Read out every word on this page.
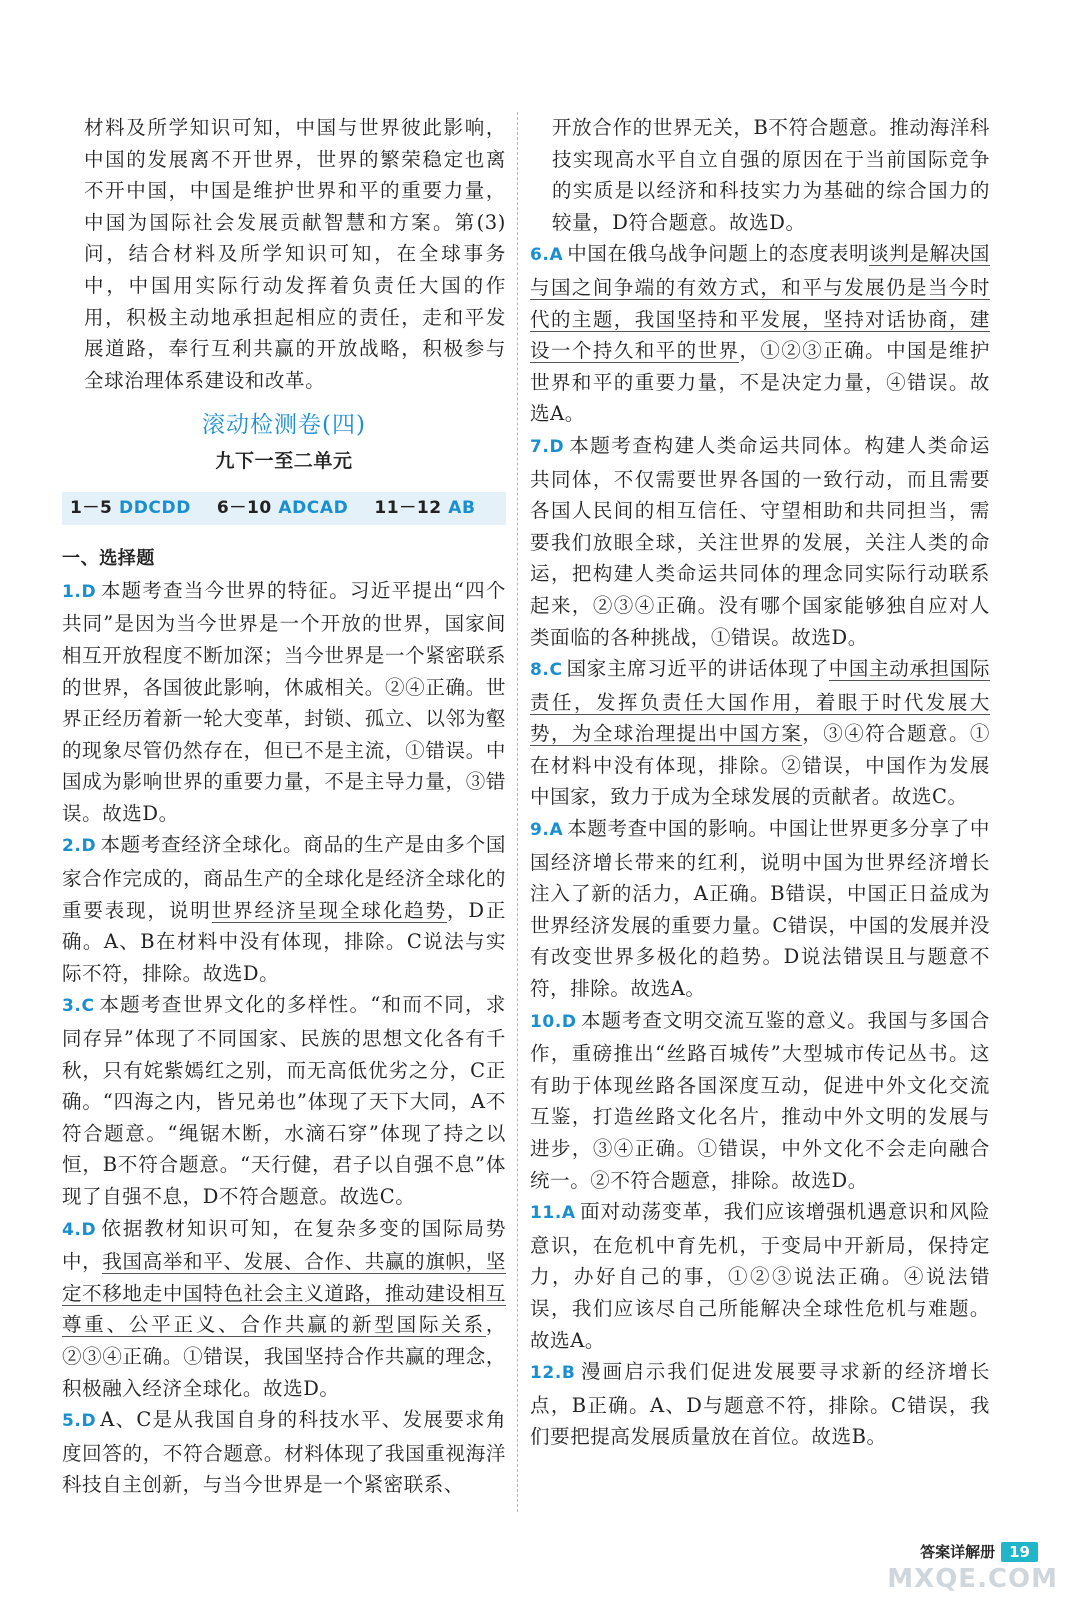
材料及所学知识可知，中国与世界彼此影响，中国的发展离不开世界，世界的繁荣稳定也离不开中国，中国是维护世界和平的重要力量，中国为国际社会发展贡献智慧和方案。第(3)问，结合材料及所学知识可知，在全球事务中，中国用实际行动发挥着负责任大国的作用，积极主动地承担起相应的责任，走和平发展道路，奉行互利共赢的开放战略，积极参与全球治理体系建设和改革。
滚动检测卷(四)
九下一至二单元
1－5 DDCDD 6－10 ADCAD 11－12 AB
一、选择题

1.D 本题考查当今世界的特征。习近平提出“四个共同”是因为当今世界是一个开放的世界，国家间相互开放程度不断加深；当今世界是一个紧密联系的世界，各国彼此影响，休戚相关。②④正确。世界正经历着新一轮大变革，封锁、孤立、以邻为壑的现象尽管仍然存在，但已不是主流，①错误。中国成为影响世界的重要力量，不是主导力量，③错误。故选D。

2.D 本题考查经济全球化。商品的生产是由多个国家合作完成的，商品生产的全球化是经济全球化的重要表现，说明世界经济呈现全球化趋势，D正确。A、B在材料中没有体现，排除。C说法与实际不符，排除。故选D。

3.C 本题考查世界文化的多样性。“和而不同，求同存异”体现了不同国家、民族的思想文化各有千秋，只有姹紫嫣红之别，而无高低优劣之分，C正确。“四海之内，皆兄弟也”体现了天下大同，A不符合题意。“绳锯木断，水滴石穿”体现了持之以恒，B不符合题意。“天行健，君子以自强不息”体现了自强不息，D不符合题意。故选C。

4.D 依据教材知识可知，在复杂多变的国际局势中，我国高举和平、发展、合作、共赢的旗帜，坚定不移地走中国特色社会主义道路，推动建设相互尊重、公平正义、合作共赢的新型国际关系，②③④正确。①错误，我国坚持合作共赢的理念，积极融入经济全球化。故选D。

5.D A、C是从我国自身的科技水平、发展要求角度回答的，不符合题意。材料体现了我国重视海洋科技自主创新，与当今世界是一个紧密联系、

开放合作的世界无关，B不符合题意。推动海洋科技实现高水平自立自强的原因在于当前国际竞争的实质是以经济和科技实力为基础的综合国力的较量，D符合题意。故选D。

6.A 中国在俄乌战争问题上的态度表明谈判是解决国与国之间争端的有效方式，和平与发展仍是当今时代的主题，我国坚持和平发展，坚持对话协商，建设一个持久和平的世界，①②③正确。中国是维护世界和平的重要力量，不是决定力量，④错误。故选A。

7.D 本题考查构建人类命运共同体。构建人类命运共同体，不仅需要世界各国的一致行动，而且需要各国人民间的相互信任、守望相助和共同担当，需要我们放眼全球，关注世界的发展，关注人类的命运，把构建人类命运共同体的理念同实际行动联系起来，②③④正确。没有哪个国家能够独自应对人类面临的各种挑战，①错误。故选D。

8.C 国家主席习近平的讲话体现了中国主动承担国际责任，发挥负责任大国作用，着眼于时代发展大势，为全球治理提出中国方案，③④符合题意。①在材料中没有体现，排除。②错误，中国作为发展中国家，致力于成为全球发展的贡献者。故选C。

9.A 本题考查中国的影响。中国让世界更多分享了中国经济增长带来的红利，说明中国为世界经济增长注入了新的活力，A正确。B错误，中国正日益成为世界经济发展的重要力量。C错误，中国的发展并没有改变世界多极化的趋势。D说法错误且与题意不符，排除。故选A。

10.D 本题考查文明交流互鉴的意义。我国与多国合作，重磅推出“丝路百城传”大型城市传记丛书。这有助于体现丝路各国深度互动，促进中外文化交流互鉴，打造丝路文化名片，推动中外文明的发展与进步，③④正确。①错误，中外文化不会走向融合统一。②不符合题意，排除。故选D。

11.A 面对动荡变革，我们应该增强机遇意识和风险意识，在危机中育先机，于变局中开新局，保持定力，办好自己的事，①②③说法正确。④说法错误，我们应该尽自己所能解决全球性危机与难题。故选A。

12.B 漫画启示我们促进发展要寻求新的经济增长点，B正确。A、D与题意不符，排除。C错误，我们要把提高发展质量放在首位。故选B。

答案详解册 19
MXQE.COM
